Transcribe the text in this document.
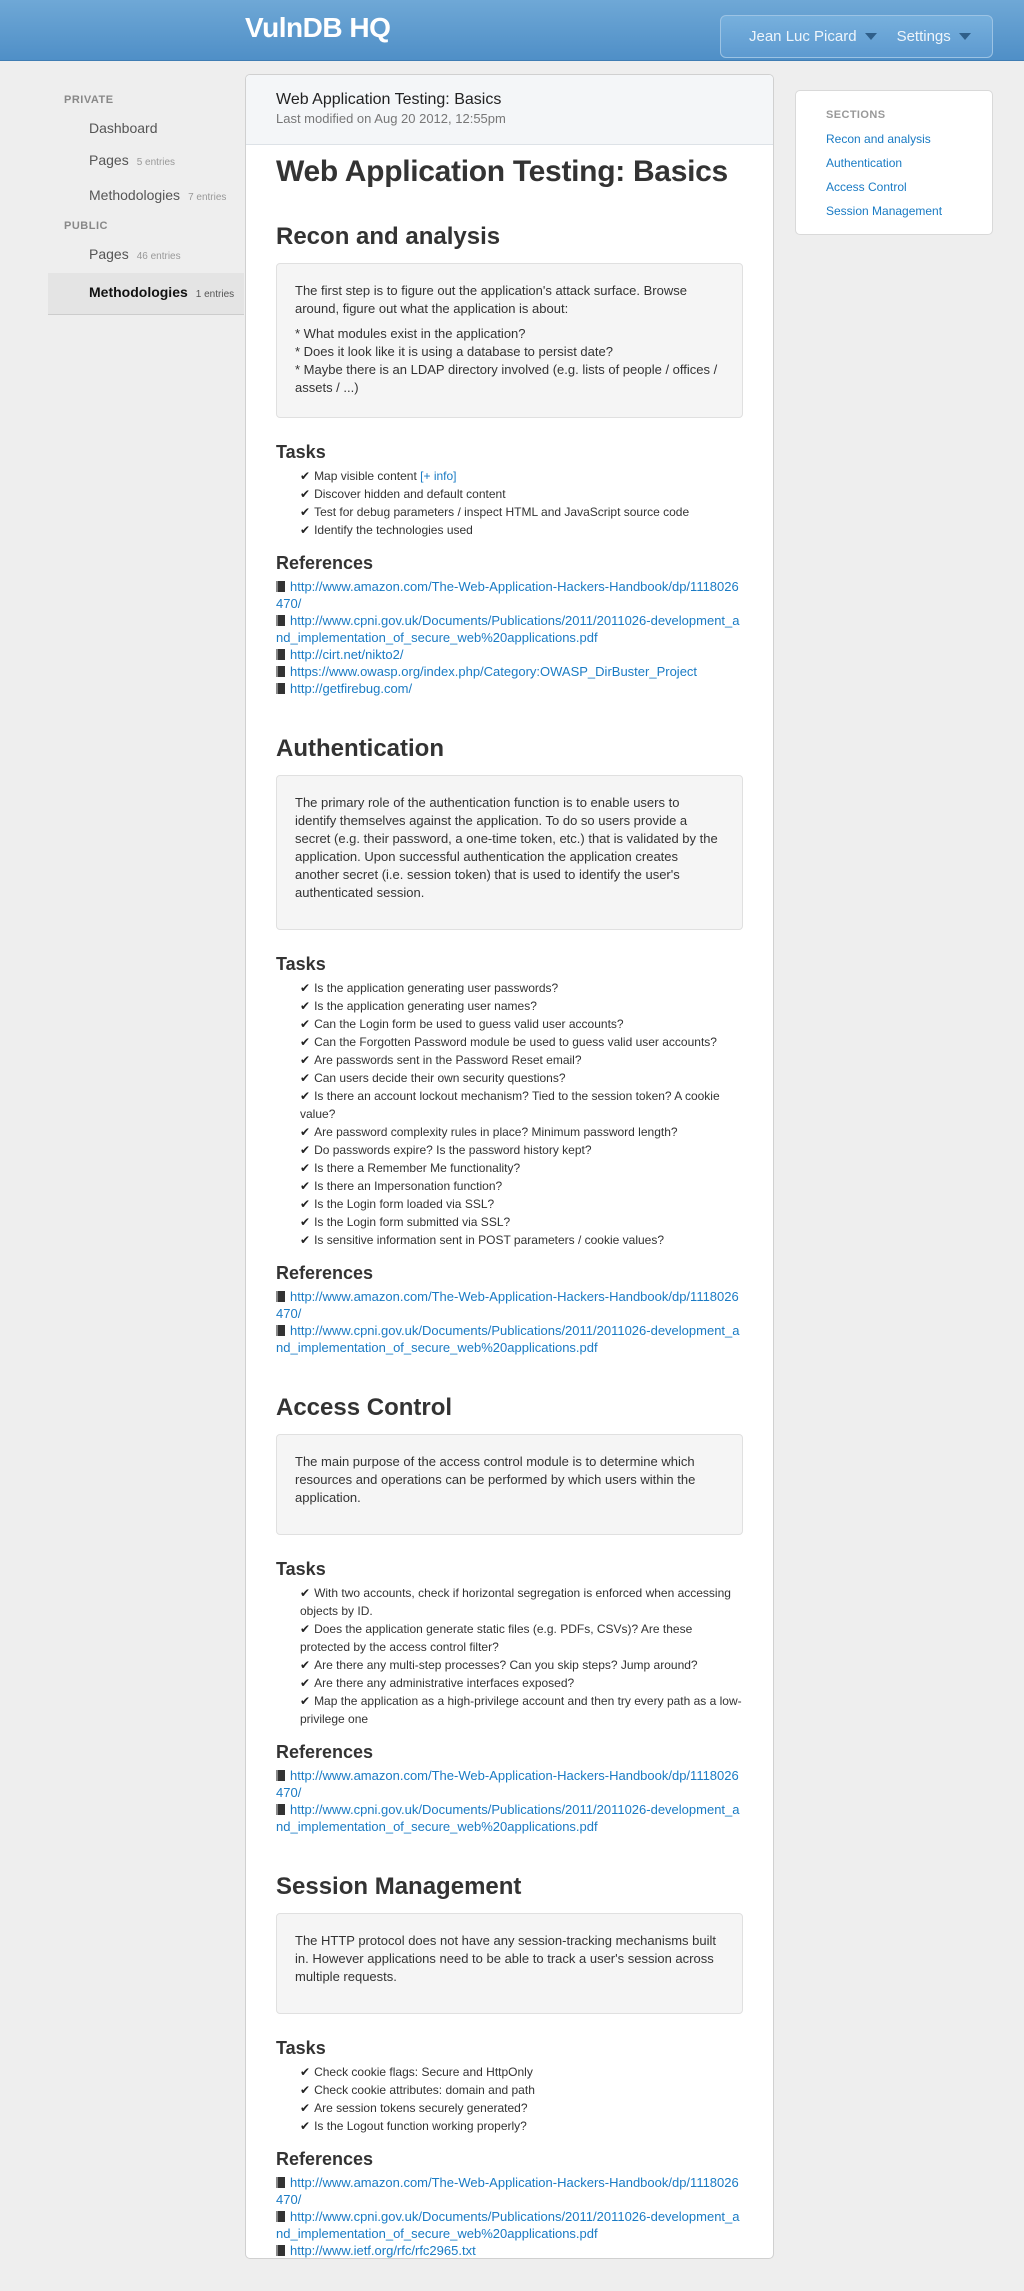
VulnDB HQ	Jean Luc Picard	Settings
PRIVATE
Dashboard
Pages 5 entries
Methodologies 7 entries
PUBLIC
Pages 46 entries
Methodologies 1 entries
Web Application Testing: Basics
Last modified on Aug 20 2012, 12:55pm
Web Application Testing: Basics
Recon and analysis

The first step is to figure out the application's attack surface. Browse around, figure out what the application is about:

* What modules exist in the application?
* Does it look like it is using a database to persist date?
* Maybe there is an LDAP directory involved (e.g. lists of people / offices / assets / ...)
Tasks
✔ Map visible content [+ info]
✔ Discover hidden and default content
✔ Test for debug parameters / inspect HTML and JavaScript source code
✔ Identify the technologies used
References
http://www.amazon.com/The-Web-Application-Hackers-Handbook/dp/1118026470/
http://www.cpni.gov.uk/Documents/Publications/2011/2011026-development_and_implementation_of_secure_web%20applications.pdf
http://cirt.net/nikto2/
https://www.owasp.org/index.php/Category:OWASP_DirBuster_Project
http://getfirebug.com/
Authentication

The primary role of the authentication function is to enable users to identify themselves against the application. To do so users provide a secret (e.g. their password, a one-time token, etc.) that is validated by the application. Upon successful authentication the application creates another secret (i.e. session token) that is used to identify the user's authenticated session.

Tasks
✔ Is the application generating user passwords?
✔ Is the application generating user names?
✔ Can the Login form be used to guess valid user accounts?
✔ Can the Forgotten Password module be used to guess valid user accounts?
✔ Are passwords sent in the Password Reset email?
✔ Can users decide their own security questions?
✔ Is there an account lockout mechanism? Tied to the session token? A cookie value?
✔ Are password complexity rules in place? Minimum password length?
✔ Do passwords expire? Is the password history kept?
✔ Is there a Remember Me functionality?
✔ Is there an Impersonation function?
✔ Is the Login form loaded via SSL?
✔ Is the Login form submitted via SSL?
✔ Is sensitive information sent in POST parameters / cookie values?
References
http://www.amazon.com/The-Web-Application-Hackers-Handbook/dp/1118026470/
http://www.cpni.gov.uk/Documents/Publications/2011/2011026-development_and_implementation_of_secure_web%20applications.pdf
Access Control

The main purpose of the access control module is to determine which resources and operations can be performed by which users within the application.

Tasks
✔ With two accounts, check if horizontal segregation is enforced when accessing objects by ID.
✔ Does the application generate static files (e.g. PDFs, CSVs)? Are these protected by the access control filter?
✔ Are there any multi-step processes? Can you skip steps? Jump around?
✔ Are there any administrative interfaces exposed?
✔ Map the application as a high-privilege account and then try every path as a low-privilege one
References
http://www.amazon.com/The-Web-Application-Hackers-Handbook/dp/1118026470/
http://www.cpni.gov.uk/Documents/Publications/2011/2011026-development_and_implementation_of_secure_web%20applications.pdf
Session Management

The HTTP protocol does not have any session-tracking mechanisms built in. However applications need to be able to track a user's session across multiple requests.

Tasks
✔ Check cookie flags: Secure and HttpOnly
✔ Check cookie attributes: domain and path
✔ Are session tokens securely generated?
✔ Is the Logout function working properly?
References
http://www.amazon.com/The-Web-Application-Hackers-Handbook/dp/1118026470/
http://www.cpni.gov.uk/Documents/Publications/2011/2011026-development_and_implementation_of_secure_web%20applications.pdf
http://www.ietf.org/rfc/rfc2965.txt
SECTIONS
Recon and analysis
Authentication
Access Control
Session Management
